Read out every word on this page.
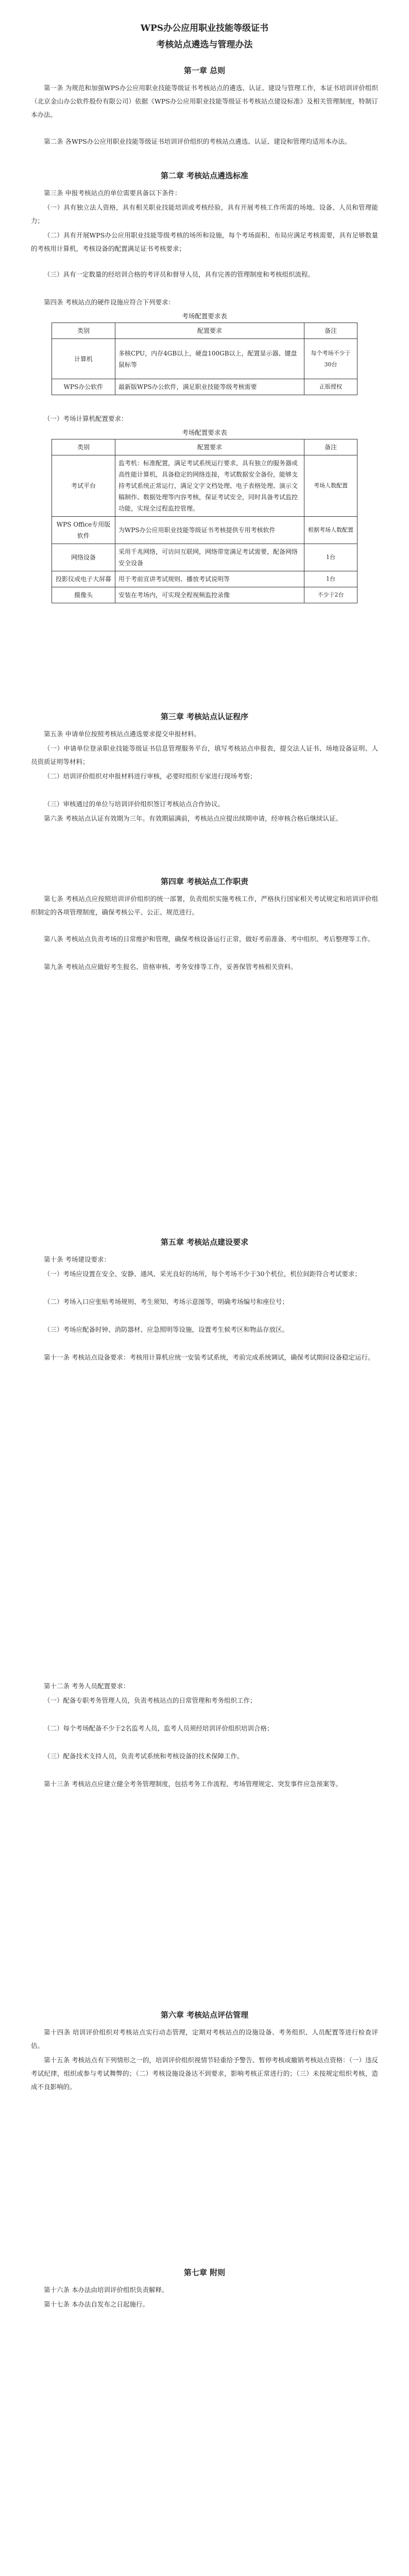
WPS办公应用职业技能等级证书
考核站点遴选与管理办法
第一章 总则

第一条 为规范和加强WPS办公应用职业技能等级证书考核站点的遴选、认证、建设与管理工作，本证书培训评价组织（北京金山办公软件股份有限公司）依据《WPS办公应用职业技能等级证书考核站点建设标准》及相关管理制度，特制订本办法。

第二条 各WPS办公应用职业技能等级证书培训评价组织的考核站点遴选、认证、建设和管理均适用本办法。

第二章 考核站点遴选标准

第三条 申报考核站点的单位需要具备以下条件：

（一）具有独立法人资格，具有相关职业技能培训或考核经验，具有开展考核工作所需的场地、设备、人员和管理能力；

（二）具有开展WPS办公应用职业技能等级考核的场所和设施，每个考场面积、布局应满足考核需要，具有足够数量的考核用计算机，考核设备的配置满足证书考核要求；

（三）具有一定数量的经培训合格的考评员和督导人员，具有完善的管理制度和考核组织流程。

第四条 考核站点的硬件设施应符合下列要求：

考场配置要求表
类别	配置要求	备注
计算机	多核CPU，内存4GB以上，硬盘100GB以上，配置显示器、键盘鼠标等	每个考场不少于30台
WPS办公软件	最新版WPS办公软件，满足职业技能等级考核需要	正版授权

（一）考场计算机配置要求：

考场配置要求表
类别	配置要求	备注
考试平台	监考机：标准配置，满足考试系统运行要求，具有独立的服务器或高性能计算机，具备稳定的网络连接，考试数据安全备份，能够支持考试系统正常运行，满足文字文档处理、电子表格处理、演示文稿制作、数据处理等内容考核，保证考试安全，同时具备考试监控功能，实现全过程监控管理。	考场人数配置
WPS Office专用版软件	为WPS办公应用职业技能等级证书考核提供专用考核软件	根据考场人数配置
网络设备	采用千兆网络，可访问互联网，网络带宽满足考试需要，配备网络安全设备	1台
投影仪或电子大屏幕	用于考前宣讲考试规则、播放考试说明等	1台
摄像头	安装在考场内，可实现全程视频监控录像	不少于2台
第三章 考核站点认证程序

第五条 申请单位按照考核站点遴选要求提交申报材料。

（一）申请单位登录职业技能等级证书信息管理服务平台，填写考核站点申报表，提交法人证书、场地设备证明、人员资质证明等材料；

（二）培训评价组织对申报材料进行审核，必要时组织专家进行现场考察；

（三）审核通过的单位与培训评价组织签订考核站点合作协议。

第六条 考核站点认证有效期为三年。有效期届满前，考核站点应提出续期申请，经审核合格后继续认证。

第四章 考核站点工作职责

第七条 考核站点应按照培训评价组织的统一部署，负责组织实施考核工作，严格执行国家相关考试规定和培训评价组织制定的各项管理制度，确保考核公平、公正、规范进行。

第八条 考核站点负责考场的日常维护和管理，确保考核设备运行正常，做好考前准备、考中组织、考后整理等工作。

第九条 考核站点应做好考生报名、资格审核、考务安排等工作，妥善保管考核相关资料。

第五章 考核站点建设要求

第十条 考场建设要求：

（一）考场应设置在安全、安静、通风、采光良好的场所，每个考场不少于30个机位，机位间距符合考试要求；

（二）考场入口应张贴考场规则、考生须知、考场示意图等，明确考场编号和座位号；

（三）考场应配备时钟、消防器材、应急照明等设施，设置考生候考区和物品存放区。

第十一条 考核站点设备要求：考核用计算机应统一安装考试系统，考前完成系统调试，确保考试期间设备稳定运行。

第十二条 考务人员配置要求：

（一）配备专职考务管理人员，负责考核站点的日常管理和考务组织工作；

（二）每个考场配备不少于2名监考人员，监考人员须经培训评价组织培训合格；

（三）配备技术支持人员，负责考试系统和考核设备的技术保障工作。

第十三条 考核站点应建立健全考务管理制度，包括考务工作流程、考场管理规定、突发事件应急预案等。

第六章 考核站点评估管理

第十四条 培训评价组织对考核站点实行动态管理，定期对考核站点的设施设备、考务组织、人员配置等进行检查评估。

第十五条 考核站点有下列情形之一的，培训评价组织视情节轻重给予警告、暂停考核或撤销考核站点资格：（一）违反考试纪律，组织或参与考试舞弊的；（二）考核设施设备达不到要求，影响考核正常进行的；（三）未按规定组织考核，造成不良影响的。

第七章 附则

第十六条 本办法由培训评价组织负责解释。

第十七条 本办法自发布之日起施行。
